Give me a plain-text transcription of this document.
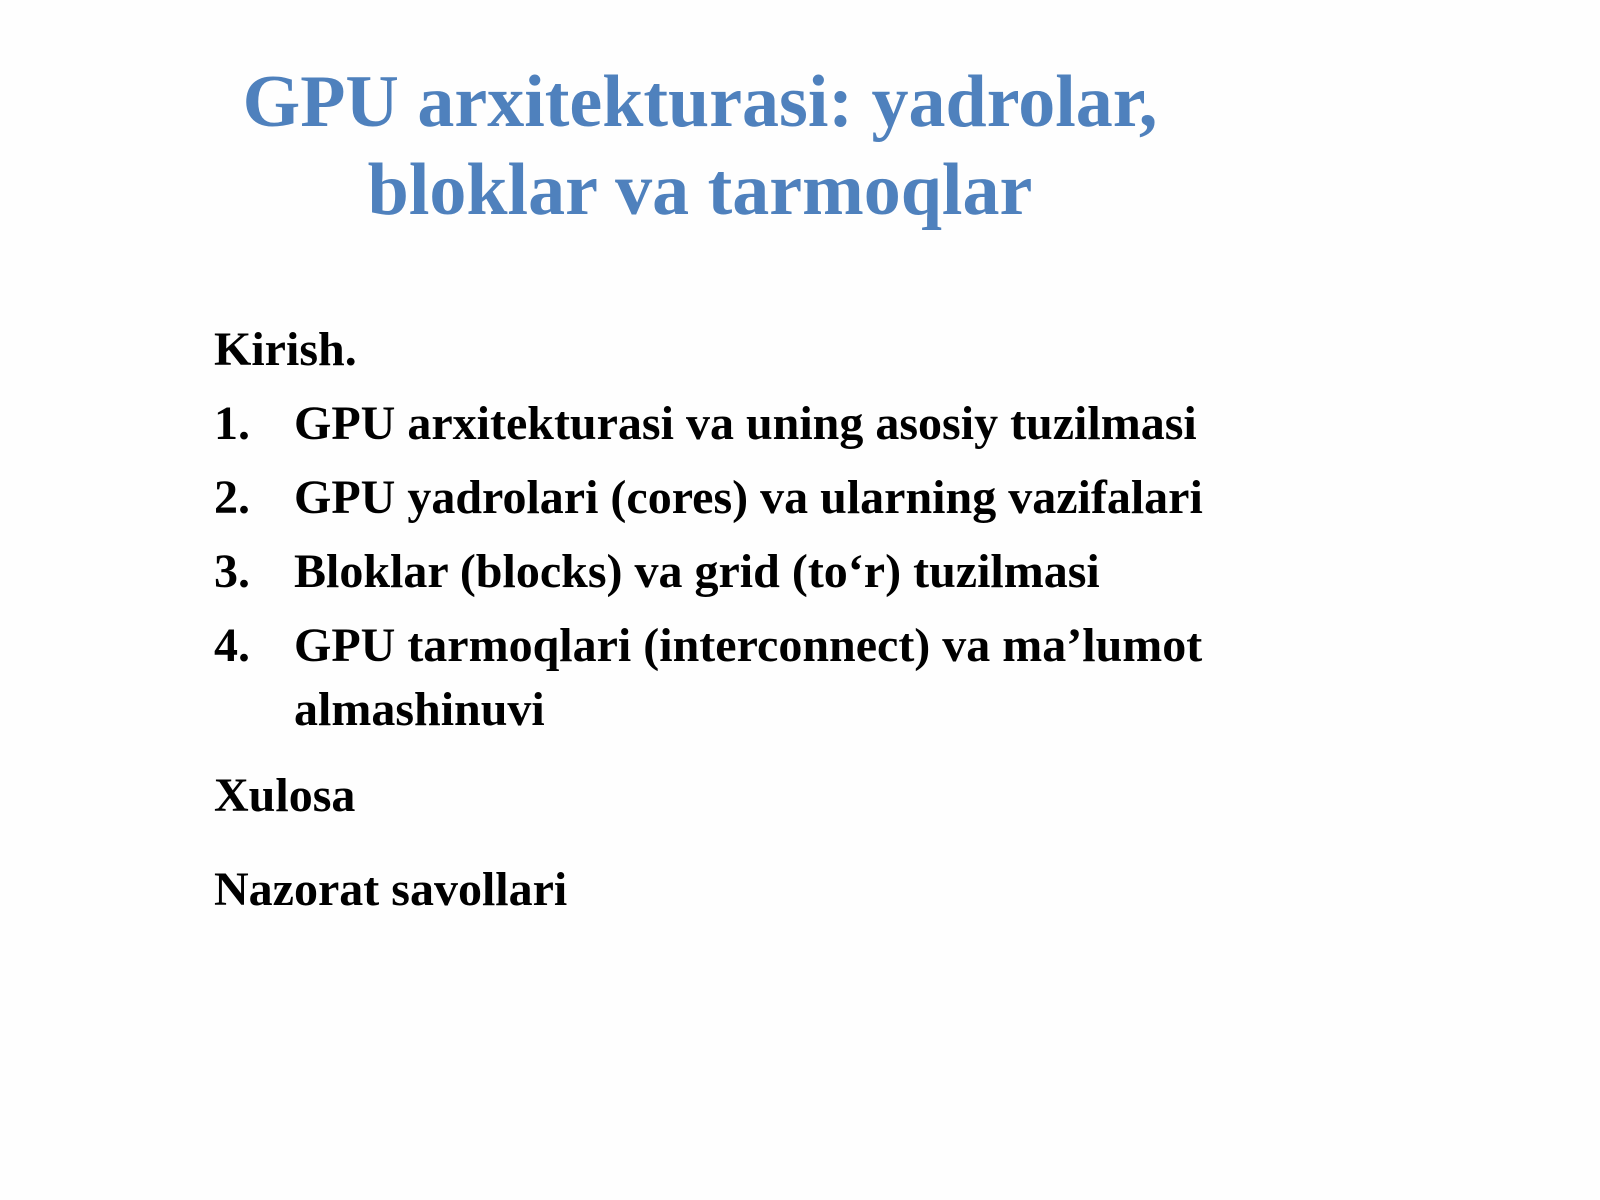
GPU arxitekturasi: yadrolar,
bloklar va tarmoqlar

Kirish.

1. GPU arxitekturasi va uning asosiy tuzilmasi
2. GPU yadrolari (cores) va ularning vazifalari
3. Bloklar (blocks) va grid (to‘r) tuzilmasi
4. GPU tarmoqlari (interconnect) va ma’lumot almashinuvi

Xulosa

Nazorat savollari
